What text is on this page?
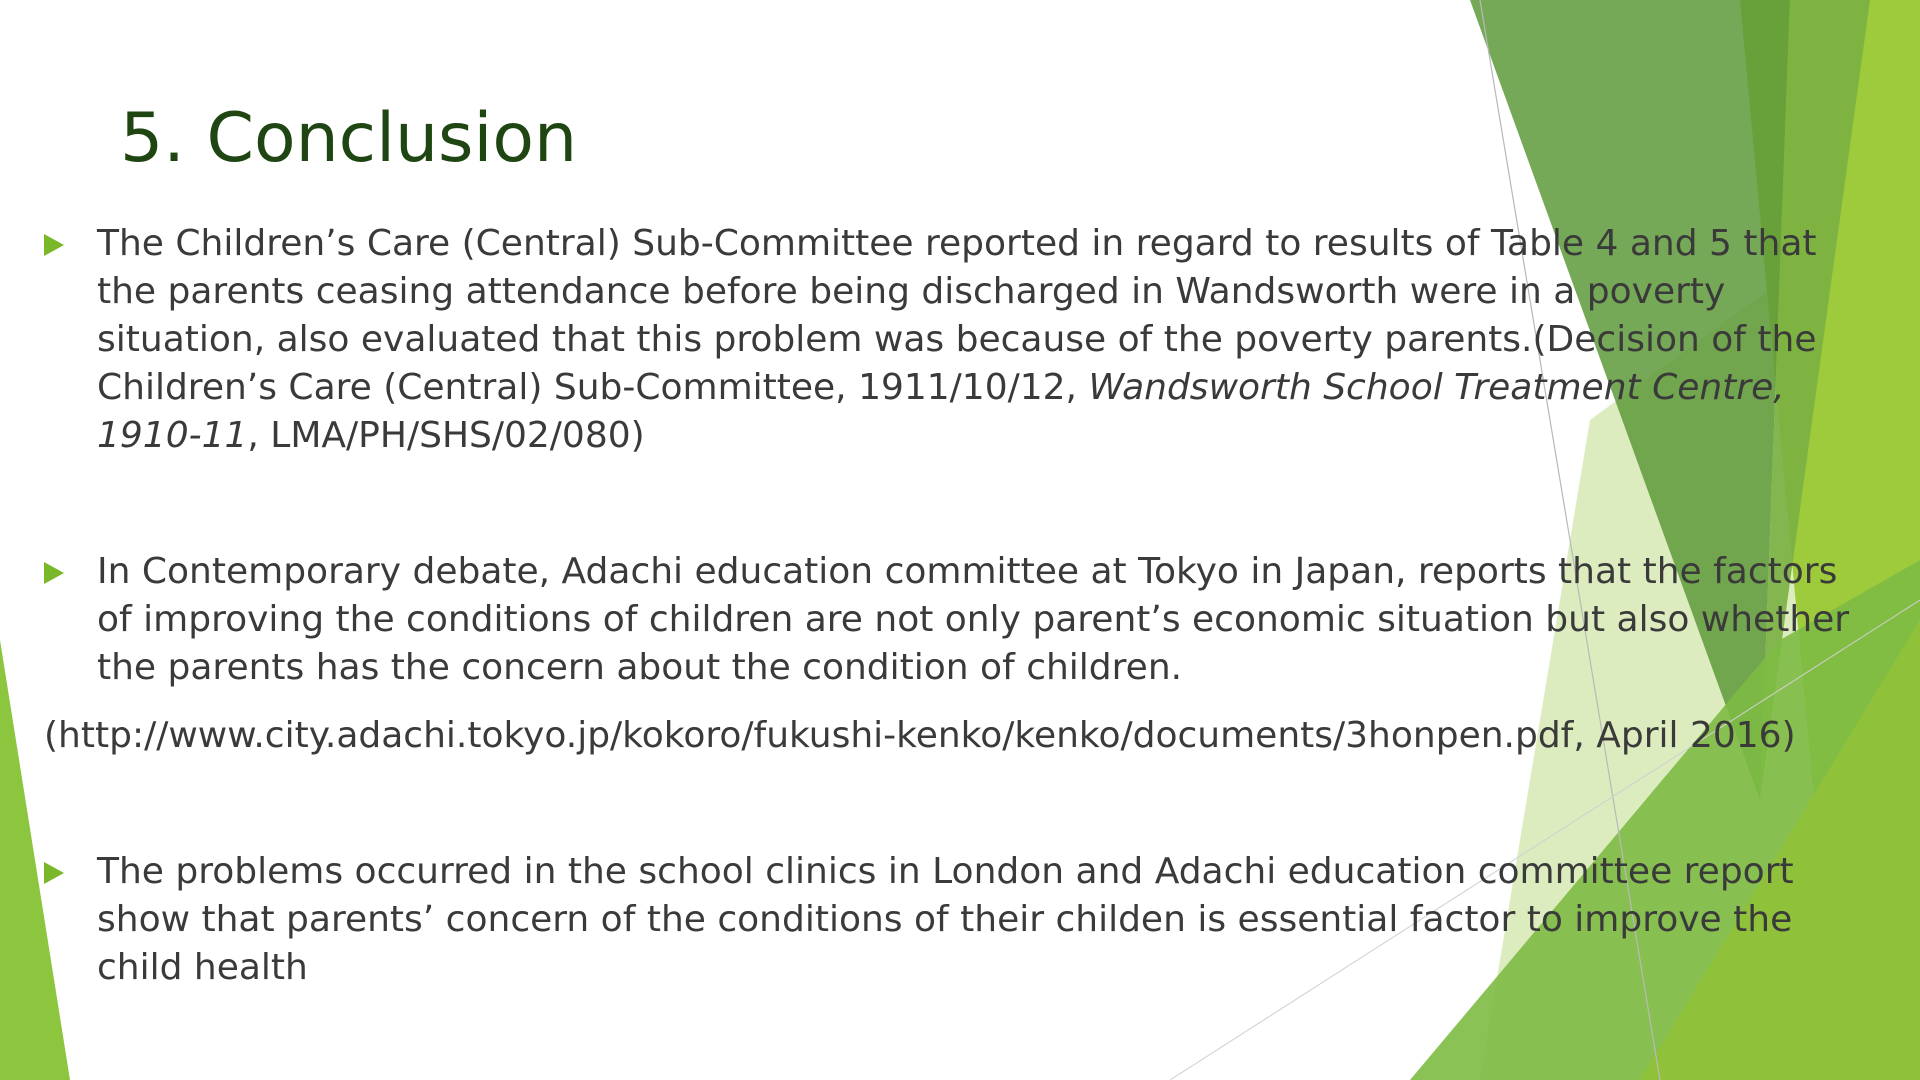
5. Conclusion
The Children’s Care (Central) Sub-Committee reported in regard to results of Table 4 and 5 that the parents ceasing attendance before being discharged in Wandsworth were in a poverty situation, also evaluated that this problem was because of the poverty parents.(Decision of the Children’s Care (Central) Sub-Committee, 1911/10/12, Wandsworth School Treatment Centre, 1910-11, LMA/PH/SHS/02/080)
In Contemporary debate, Adachi education committee at Tokyo in Japan, reports that the factors of improving the conditions of children are not only parent’s economic situation but also whether the parents has the concern about the condition of children.
(http://www.city.adachi.tokyo.jp/kokoro/fukushi-kenko/kenko/documents/3honpen.pdf, April 2016)
The problems occurred in the school clinics in London and Adachi education committee report show that parents’ concern of the conditions of their childen is essential factor to improve the child health
